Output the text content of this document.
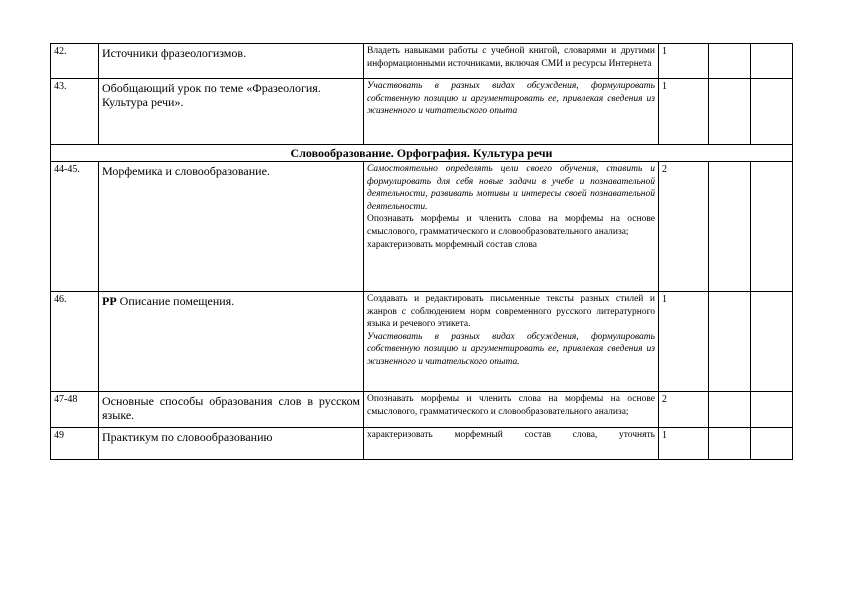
42.	Источники фразеологизмов.	Владеть навыками работы с учебной книгой, словарями и другими информационными источниками, включая СМИ и ресурсы Интернета	1		
43.	Обобщающий урок по теме «Фразеология. Культура речи».	Участвовать в разных видах обсуждения, формулировать собственную позицию и аргументировать ее, привлекая сведения из жизненного и читательского опыта	1		
Словообразование. Орфография. Культура речи					
44-45.	Морфемика и словообразование.	Самостоятельно определять цели своего обучения, ставить и формулировать для себя новые задачи в учебе и познавательной деятельности, развивать мотивы и интересы своей познавательной деятельности.

Опознавать морфемы и членить слова на морфемы на основе смыслового, грамматического и словообразовательного анализа;

характеризовать морфемный состав слова	2		
46.	РР Описание помещения.	Создавать и редактировать письменные тексты разных стилей и жанров с соблюдением норм современного русского литературного языка и речевого этикета.

Участвовать в разных видах обсуждения, формулировать собственную позицию и аргументировать ее, привлекая сведения из жизненного и читательского опыта.	1		
47-48	Основные способы образования слов в русском языке.	Опознавать морфемы и членить слова на морфемы на основе смыслового, грамматического и словообразовательного анализа;	2		
49	Практикум по словообразованию	характеризовать морфемный состав слова, уточнять	1		
